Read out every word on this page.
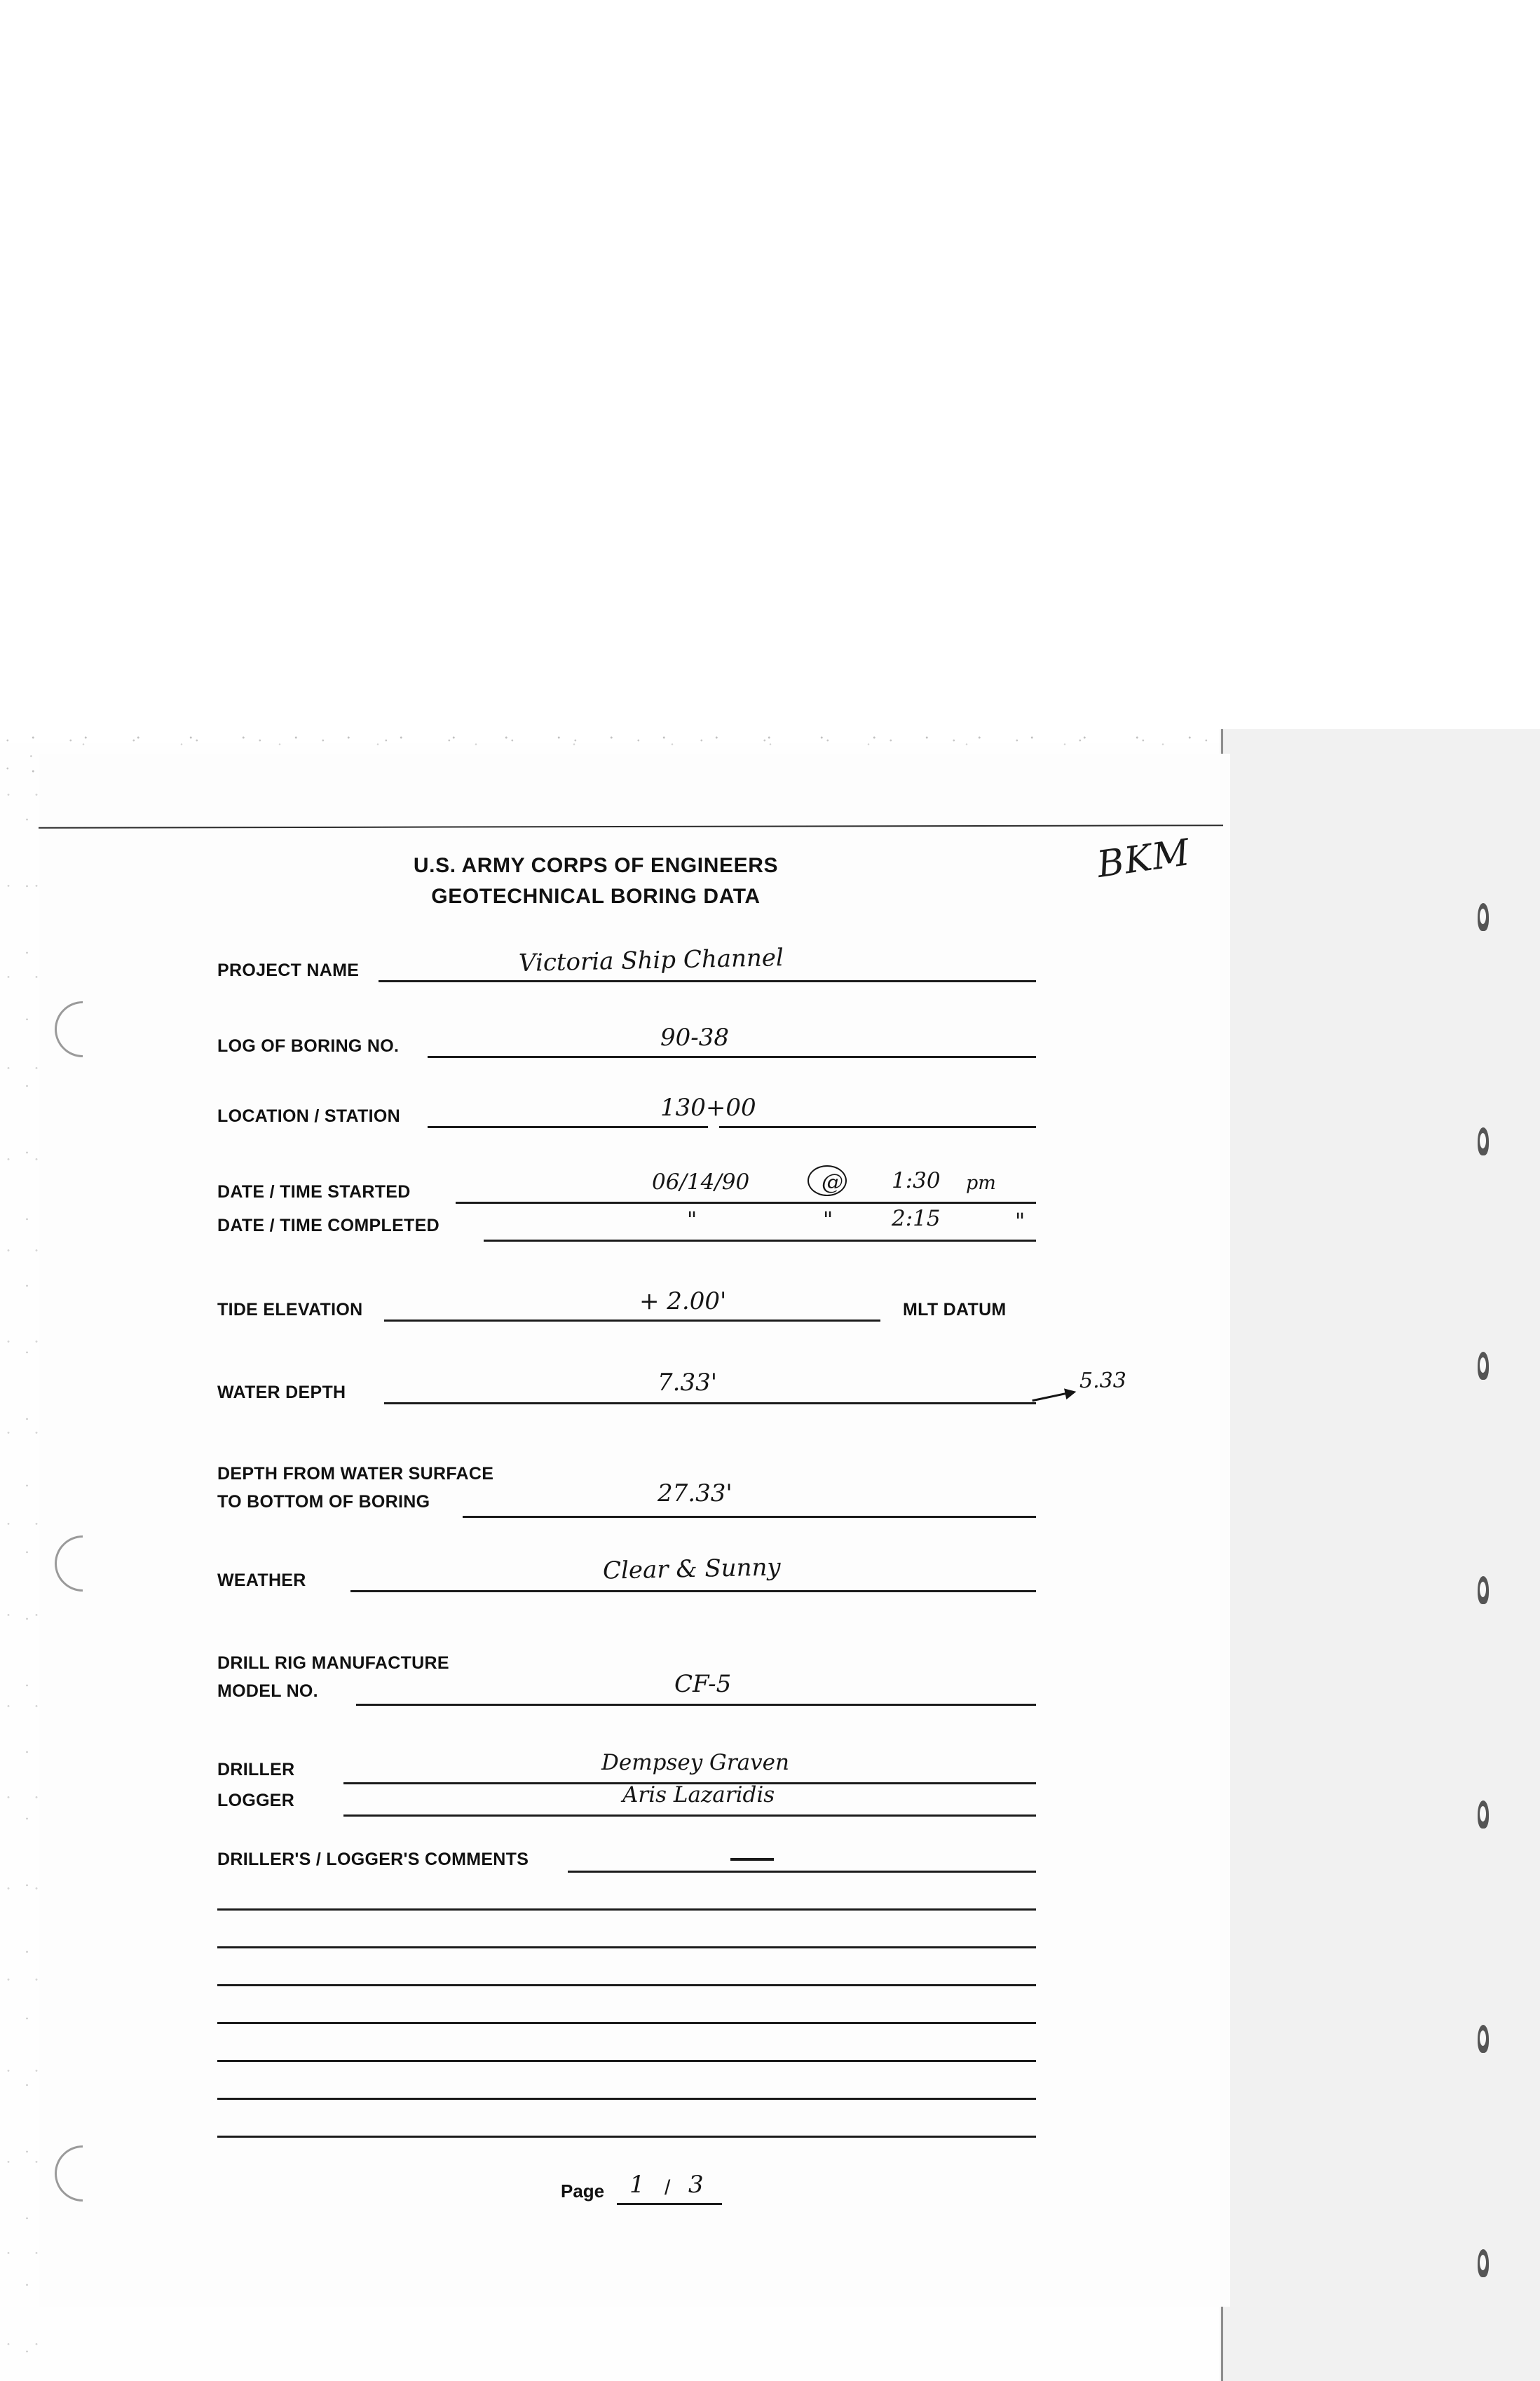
U.S. ARMY CORPS OF ENGINEERS
GEOTECHNICAL BORING DATA
BKM
PROJECT NAME	Victoria Ship Channel
LOG OF BORING NO.	90-38
LOCATION / STATION	130+00
DATE / TIME STARTED	06/14/90	@ 1:30 pm
DATE / TIME COMPLETED	"	"	2:15	"
TIDE ELEVATION	+ 2.00'	MLT DATUM
WATER DEPTH	7.33'	5.33
DEPTH FROM WATER SURFACE
TO BOTTOM OF BORING	27.33'
WEATHER	Clear & Sunny
DRILL RIG MANUFACTURE
MODEL NO.	CF-5
DRILLER	Dempsey Graven
LOGGER	Aris Lazaridis
DRILLER'S / LOGGER'S COMMENTS
Page 1 / 3
